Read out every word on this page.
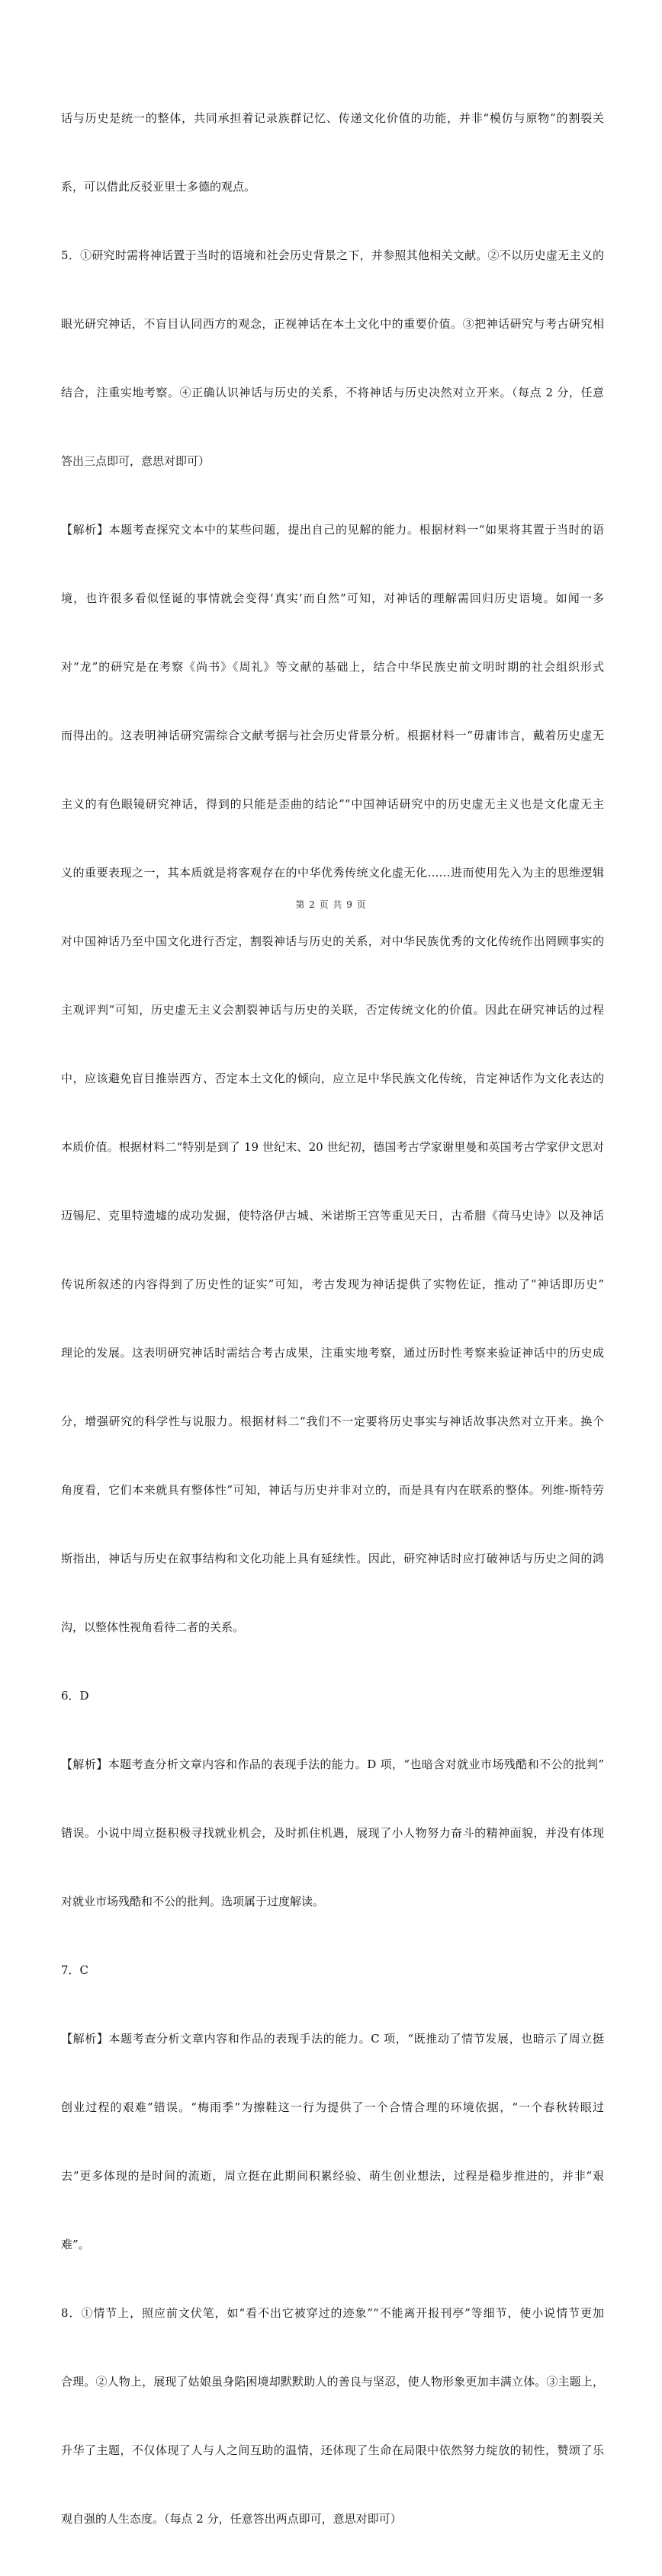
话与历史是统一的整体，共同承担着记录族群记忆、传递文化价值的功能，并非“模仿与原物”的割裂关

系，可以借此反驳亚里士多德的观点。

5．①研究时需将神话置于当时的语境和社会历史背景之下，并参照其他相关文献。②不以历史虚无主义的

眼光研究神话，不盲目认同西方的观念，正视神话在本土文化中的重要价值。③把神话研究与考古研究相

结合，注重实地考察。④正确认识神话与历史的关系，不将神话与历史决然对立开来。（每点 2 分，任意

答出三点即可，意思对即可）

【解析】本题考查探究文本中的某些问题，提出自己的见解的能力。根据材料一“如果将其置于当时的语

境，也许很多看似怪诞的事情就会变得‘真实’而自然”可知，对神话的理解需回归历史语境。如闻一多

对“龙”的研究是在考察《尚书》《周礼》等文献的基础上，结合中华民族史前文明时期的社会组织形式

而得出的。这表明神话研究需综合文献考据与社会历史背景分析。根据材料一“毋庸讳言，戴着历史虚无

主义的有色眼镜研究神话，得到的只能是歪曲的结论”“中国神话研究中的历史虚无主义也是文化虚无主

义的重要表现之一，其本质就是将客观存在的中华优秀传统文化虚无化……进而使用先入为主的思维逻辑

对中国神话乃至中国文化进行否定，割裂神话与历史的关系，对中华民族优秀的文化传统作出罔顾事实的

主观评判”可知，历史虚无主义会割裂神话与历史的关联，否定传统文化的价值。因此在研究神话的过程

中，应该避免盲目推崇西方、否定本土文化的倾向，应立足中华民族文化传统，肯定神话作为文化表达的

本质价值。根据材料二“特别是到了 19 世纪末、20 世纪初，德国考古学家谢里曼和英国考古学家伊文思对

迈锡尼、克里特遗墟的成功发掘，使特洛伊古城、米诺斯王宫等重见天日，古希腊《荷马史诗》以及神话

传说所叙述的内容得到了历史性的证实”可知，考古发现为神话提供了实物佐证，推动了“神话即历史”

理论的发展。这表明研究神话时需结合考古成果，注重实地考察，通过历时性考察来验证神话中的历史成

分，增强研究的科学性与说服力。根据材料二“我们不一定要将历史事实与神话故事决然对立开来。换个

角度看，它们本来就具有整体性”可知，神话与历史并非对立的，而是具有内在联系的整体。列维-斯特劳

斯指出，神话与历史在叙事结构和文化功能上具有延续性。因此，研究神话时应打破神话与历史之间的鸿

沟，以整体性视角看待二者的关系。

6．D

【解析】本题考查分析文章内容和作品的表现手法的能力。D 项，“也暗含对就业市场残酷和不公的批判”

错误。小说中周立挺积极寻找就业机会，及时抓住机遇，展现了小人物努力奋斗的精神面貌，并没有体现

对就业市场残酷和不公的批判。选项属于过度解读。

7．C

【解析】本题考查分析文章内容和作品的表现手法的能力。C 项，“既推动了情节发展，也暗示了周立挺

创业过程的艰难”错误。“梅雨季”为擦鞋这一行为提供了一个合情合理的环境依据，“一个春秋转眼过

去”更多体现的是时间的流逝，周立挺在此期间积累经验、萌生创业想法，过程是稳步推进的，并非“艰

难”。

8．①情节上，照应前文伏笔，如“看不出它被穿过的迹象”“不能离开报刊亭”等细节，使小说情节更加

合理。②人物上，展现了姑娘虽身陷困境却默默助人的善良与坚忍，使人物形象更加丰满立体。③主题上，

升华了主题，不仅体现了人与人之间互助的温情，还体现了生命在局限中依然努力绽放的韧性，赞颂了乐

观自强的人生态度。（每点 2 分，任意答出两点即可，意思对即可）

第 2 页 共 9 页
